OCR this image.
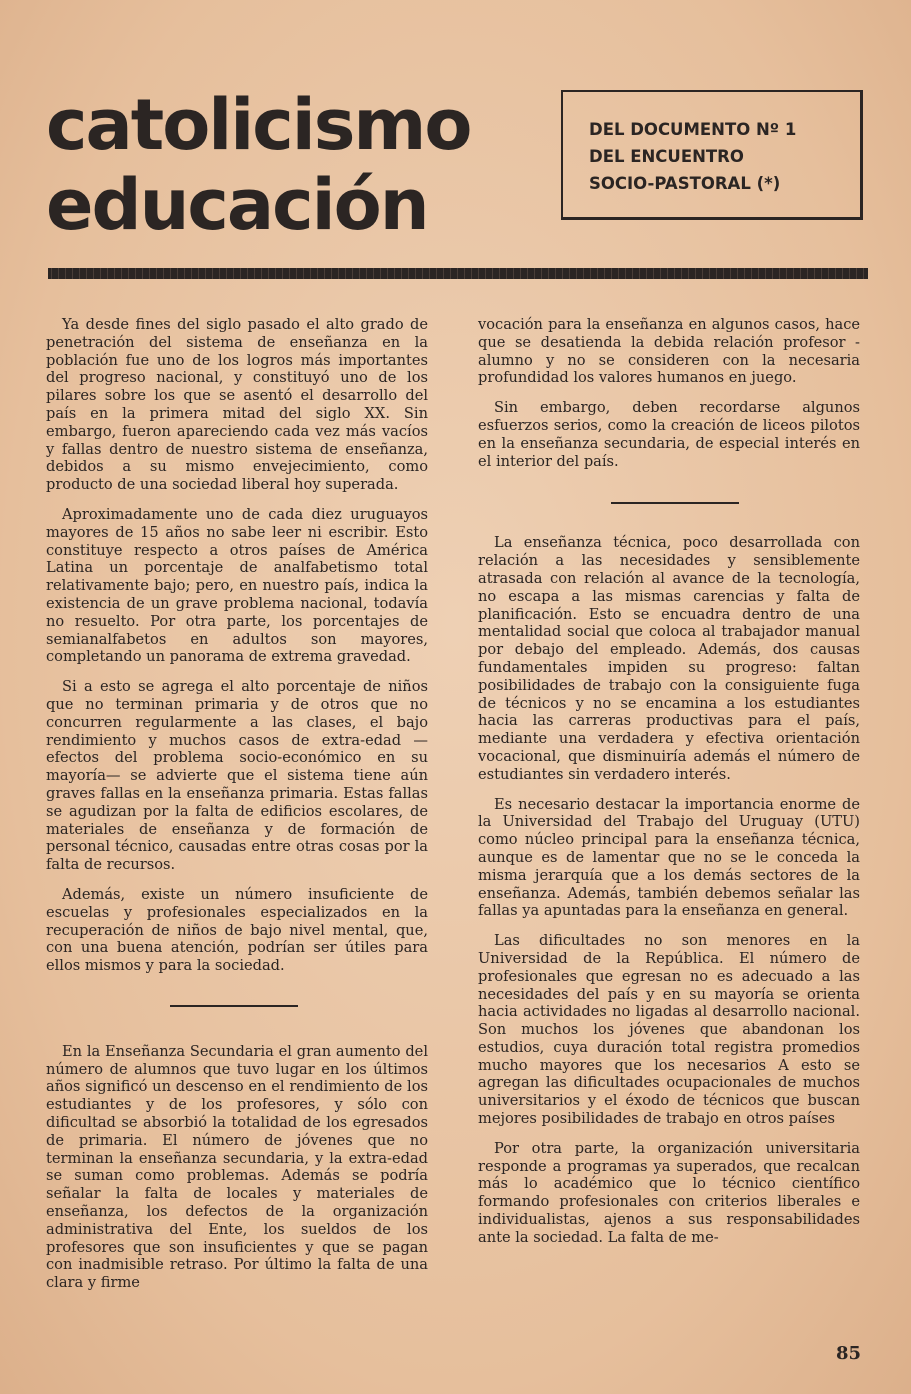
catolicismo
educación
DEL DOCUMENTO Nº 1
DEL ENCUENTRO
SOCIO-PASTORAL (*)

Ya desde fines del siglo pasado el alto grado de penetración del sistema de enseñanza en la población fue uno de los logros más importantes del progreso nacional, y constituyó uno de los pilares sobre los que se asentó el desarrollo del país en la primera mitad del siglo XX. Sin embargo, fueron apareciendo cada vez más vacíos y fallas dentro de nuestro sistema de enseñanza, debidos a su mismo envejecimiento, como producto de una sociedad liberal hoy superada.

Aproximadamente uno de cada diez uruguayos mayores de 15 años no sabe leer ni escribir. Esto constituye respecto a otros países de América Latina un porcentaje de analfabetismo total relativamente bajo; pero, en nuestro país, indica la existencia de un grave problema nacional, todavía no resuelto. Por otra parte, los porcentajes de semianalfabetos en adultos son mayores, completando un panorama de extrema gravedad.

Si a esto se agrega el alto porcentaje de niños que no terminan primaria y de otros que no concurren regularmente a las clases, el bajo rendimiento y muchos casos de extra-edad —efectos del problema socio-económico en su mayoría— se advierte que el sistema tiene aún graves fallas en la enseñanza primaria. Estas fallas se agudizan por la falta de edificios escolares, de materiales de enseñanza y de formación de personal técnico, causadas entre otras cosas por la falta de recursos.

Además, existe un número insuficiente de escuelas y profesionales especializados en la recuperación de niños de bajo nivel mental, que, con una buena atención, podrían ser útiles para ellos mismos y para la sociedad.

En la Enseñanza Secundaria el gran aumento del número de alumnos que tuvo lugar en los últimos años significó un descenso en el rendimiento de los estudiantes y de los profesores, y sólo con dificultad se absorbió la totalidad de los egresados de primaria. El número de jóvenes que no terminan la enseñanza secundaria, y la extra-edad se suman como problemas. Además se podría señalar la falta de locales y materiales de enseñanza, los defectos de la organización administrativa del Ente, los sueldos de los profesores que son insuficientes y que se pagan con inadmisible retraso. Por último la falta de una clara y firme

vocación para la enseñanza en algunos casos, hace que se desatienda la debida relación profesor - alumno y no se consideren con la necesaria profundidad los valores humanos en juego.

Sin embargo, deben recordarse algunos esfuerzos serios, como la creación de liceos pilotos en la enseñanza secundaria, de especial interés en el interior del país.

La enseñanza técnica, poco desarrollada con relación a las necesidades y sensiblemente atrasada con relación al avance de la tecnología, no escapa a las mismas carencias y falta de planificación. Esto se encuadra dentro de una mentalidad social que coloca al trabajador manual por debajo del empleado. Además, dos causas fundamentales impiden su progreso: faltan posibilidades de trabajo con la consiguiente fuga de técnicos y no se encamina a los estudiantes hacia las carreras productivas para el país, mediante una verdadera y efectiva orientación vocacional, que disminuiría además el número de estudiantes sin verdadero interés.

Es necesario destacar la importancia enorme de la Universidad del Trabajo del Uruguay (UTU) como núcleo principal para la enseñanza técnica, aunque es de lamentar que no se le conceda la misma jerarquía que a los demás sectores de la enseñanza. Además, también debemos señalar las fallas ya apuntadas para la enseñanza en general.

Las dificultades no son menores en la Universidad de la República. El número de profesionales que egresan no es adecuado a las necesidades del país y en su mayoría se orienta hacia actividades no ligadas al desarrollo nacional. Son muchos los jóvenes que abandonan los estudios, cuya duración total registra promedios mucho mayores que los necesarios A esto se agregan las dificultades ocupacionales de muchos universitarios y el éxodo de técnicos que buscan mejores posibilidades de trabajo en otros países

Por otra parte, la organización universitaria responde a programas ya superados, que recalcan más lo académico que lo técnico científico formando profesionales con criterios liberales e individualistas, ajenos a sus responsabilidades ante la sociedad. La falta de me-

85
